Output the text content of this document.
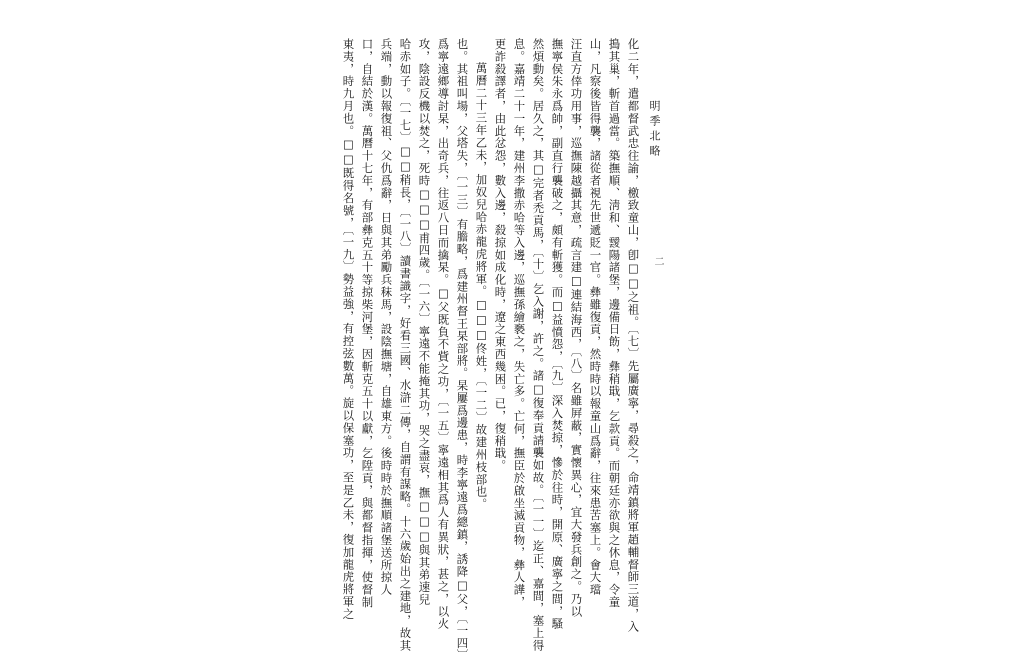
明季北略
二
化二年，遣都督武忠往諭，檄致童山，卽□□之祖。〔七〕先屬廣寧，尋殺之，命靖鎮將軍趙輔督師三道，入
搗其巢，斬首過當。築撫順、淸和、靉陽諸堡，邊備日飭，彝稍戢，乞款貢。而朝廷亦欲與之休息，令童
山，凡察後皆得襲，諸從者視先世遞貶一官。彝雖復貢，然時時以報童山爲辭，往來患苦塞上。會大璫
汪直方倖功用事，巡撫陳越攝其意，疏言建□連結海西，〔八〕名雖屛蔽，實懷異心，宜大發兵創之。乃以
撫寧侯朱永爲帥，副直行襲破之，頗有斬獲。而□益憤怨，〔九〕深入焚掠，慘於往時，開原、廣寧之間，騷
然煩動矣。居久之，其□完者禿貢馬，〔十〕乞入謝，許之。諸□復奉貢請襲如故。〔一一〕迄正、嘉間，塞上得
息。嘉靖二十一年，建州李撒赤哈等入邊，巡撫孫繪褻之，失亡多。亡何，撫臣於啟坐滅貢物，彝人譁，
更詐殺譯者，由此忿怨，數入邊，殺掠如成化時，遼之東西幾困。已，復稍戢。
萬曆二十三年乙未，加奴兒哈赤龍虎將軍。□□□佟姓，〔一二〕故建州枝部也。
也。其祖叫場，父塔失，〔一三〕有膽略，爲建州督王杲部將。杲屢爲邊患，時李寧遠爲總鎮，誘降□父，〔一四〕
爲寧遠鄉導討杲，出奇兵，往返八日而擒杲。□父既負不貲之功，〔一五〕寧遠相其爲人有異狀，甚之，以火
攻，陰設反機以焚之，死時□□□甫四歲。〔一六〕寧遠不能掩其功，哭之盡哀，撫□□□與其弟速兒
哈赤如子。〔一七〕□□稍長，〔一八〕讀書識字，好看三國、水滸二傳，自謂有謀略。十六歲始出之建地，故其
兵端，動以報復祖、父仇爲辭，日與其弟勵兵秣馬，設陰撫塘，自雄東方。後時時於撫順諸堡送所掠人
口，自結於漢。萬曆十七年，有部彝克五十等掠柴河堡，因斬克五十以獻，乞陞貢，與都督指揮，使督制
東夷，時九月也。□□既得名號，〔一九〕勢益強，有控弦數萬。旋以保塞功，至是乙未，復加龍虎將軍之
